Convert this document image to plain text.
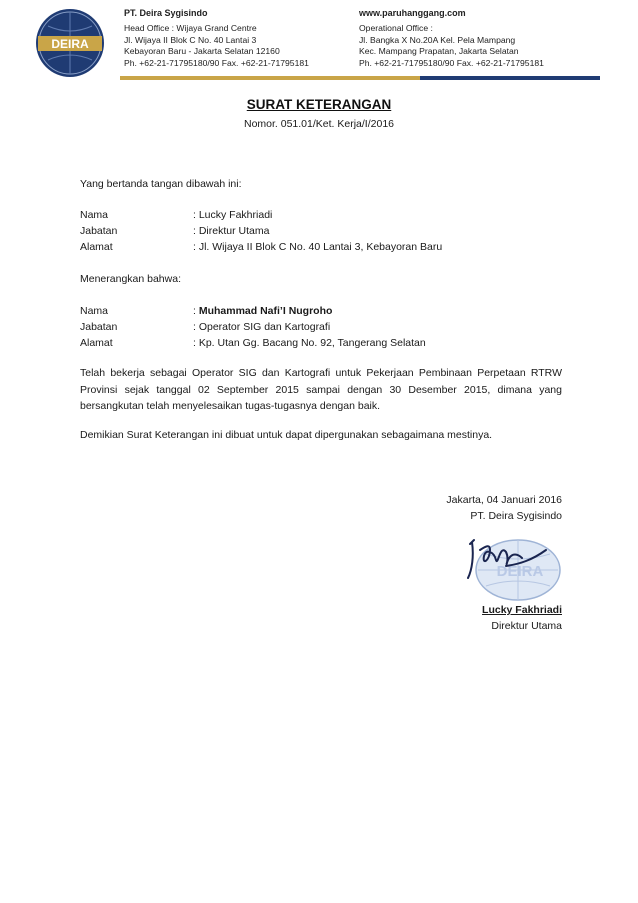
DEIRA
PT. Deira Sygisindo
Head Office : Wijaya Grand Centre
Jl. Wijaya II Blok C No. 40 Lantai 3
Kebayoran Baru - Jakarta Selatan 12160
Ph. +62-21-71795180/90 Fax. +62-21-71795181
www.paruhanggang.com
Operational Office :
Jl. Bangka X No.20A Kel. Pela Mampang
Kec. Mampang Prapatan, Jakarta Selatan
Ph. +62-21-71795180/90 Fax. +62-21-71795181
SURAT KETERANGAN
Nomor. 051.01/Ket. Kerja/I/2016
Yang bertanda tangan dibawah ini:
Nama	: Lucky Fakhriadi
Jabatan	: Direktur Utama
Alamat	: Jl. Wijaya II Blok C No. 40 Lantai 3, Kebayoran Baru
Menerangkan bahwa:
Nama	: Muhammad Nafi’I Nugroho
Jabatan	: Operator SIG dan Kartografi
Alamat	: Kp. Utan Gg. Bacang No. 92, Tangerang Selatan
Telah bekerja sebagai Operator SIG dan Kartografi untuk Pekerjaan Pembinaan Perpetaan RTRW Provinsi sejak tanggal 02 September 2015 sampai dengan 30 Desember 2015, dimana yang bersangkutan telah menyelesaikan tugas-tugasnya dengan baik.
Demikian Surat Keterangan ini dibuat untuk dapat dipergunakan sebagaimana mestinya.
Jakarta, 04 Januari 2016
PT. Deira Sygisindo
DEIRA
Lucky Fakhriadi
Direktur Utama
